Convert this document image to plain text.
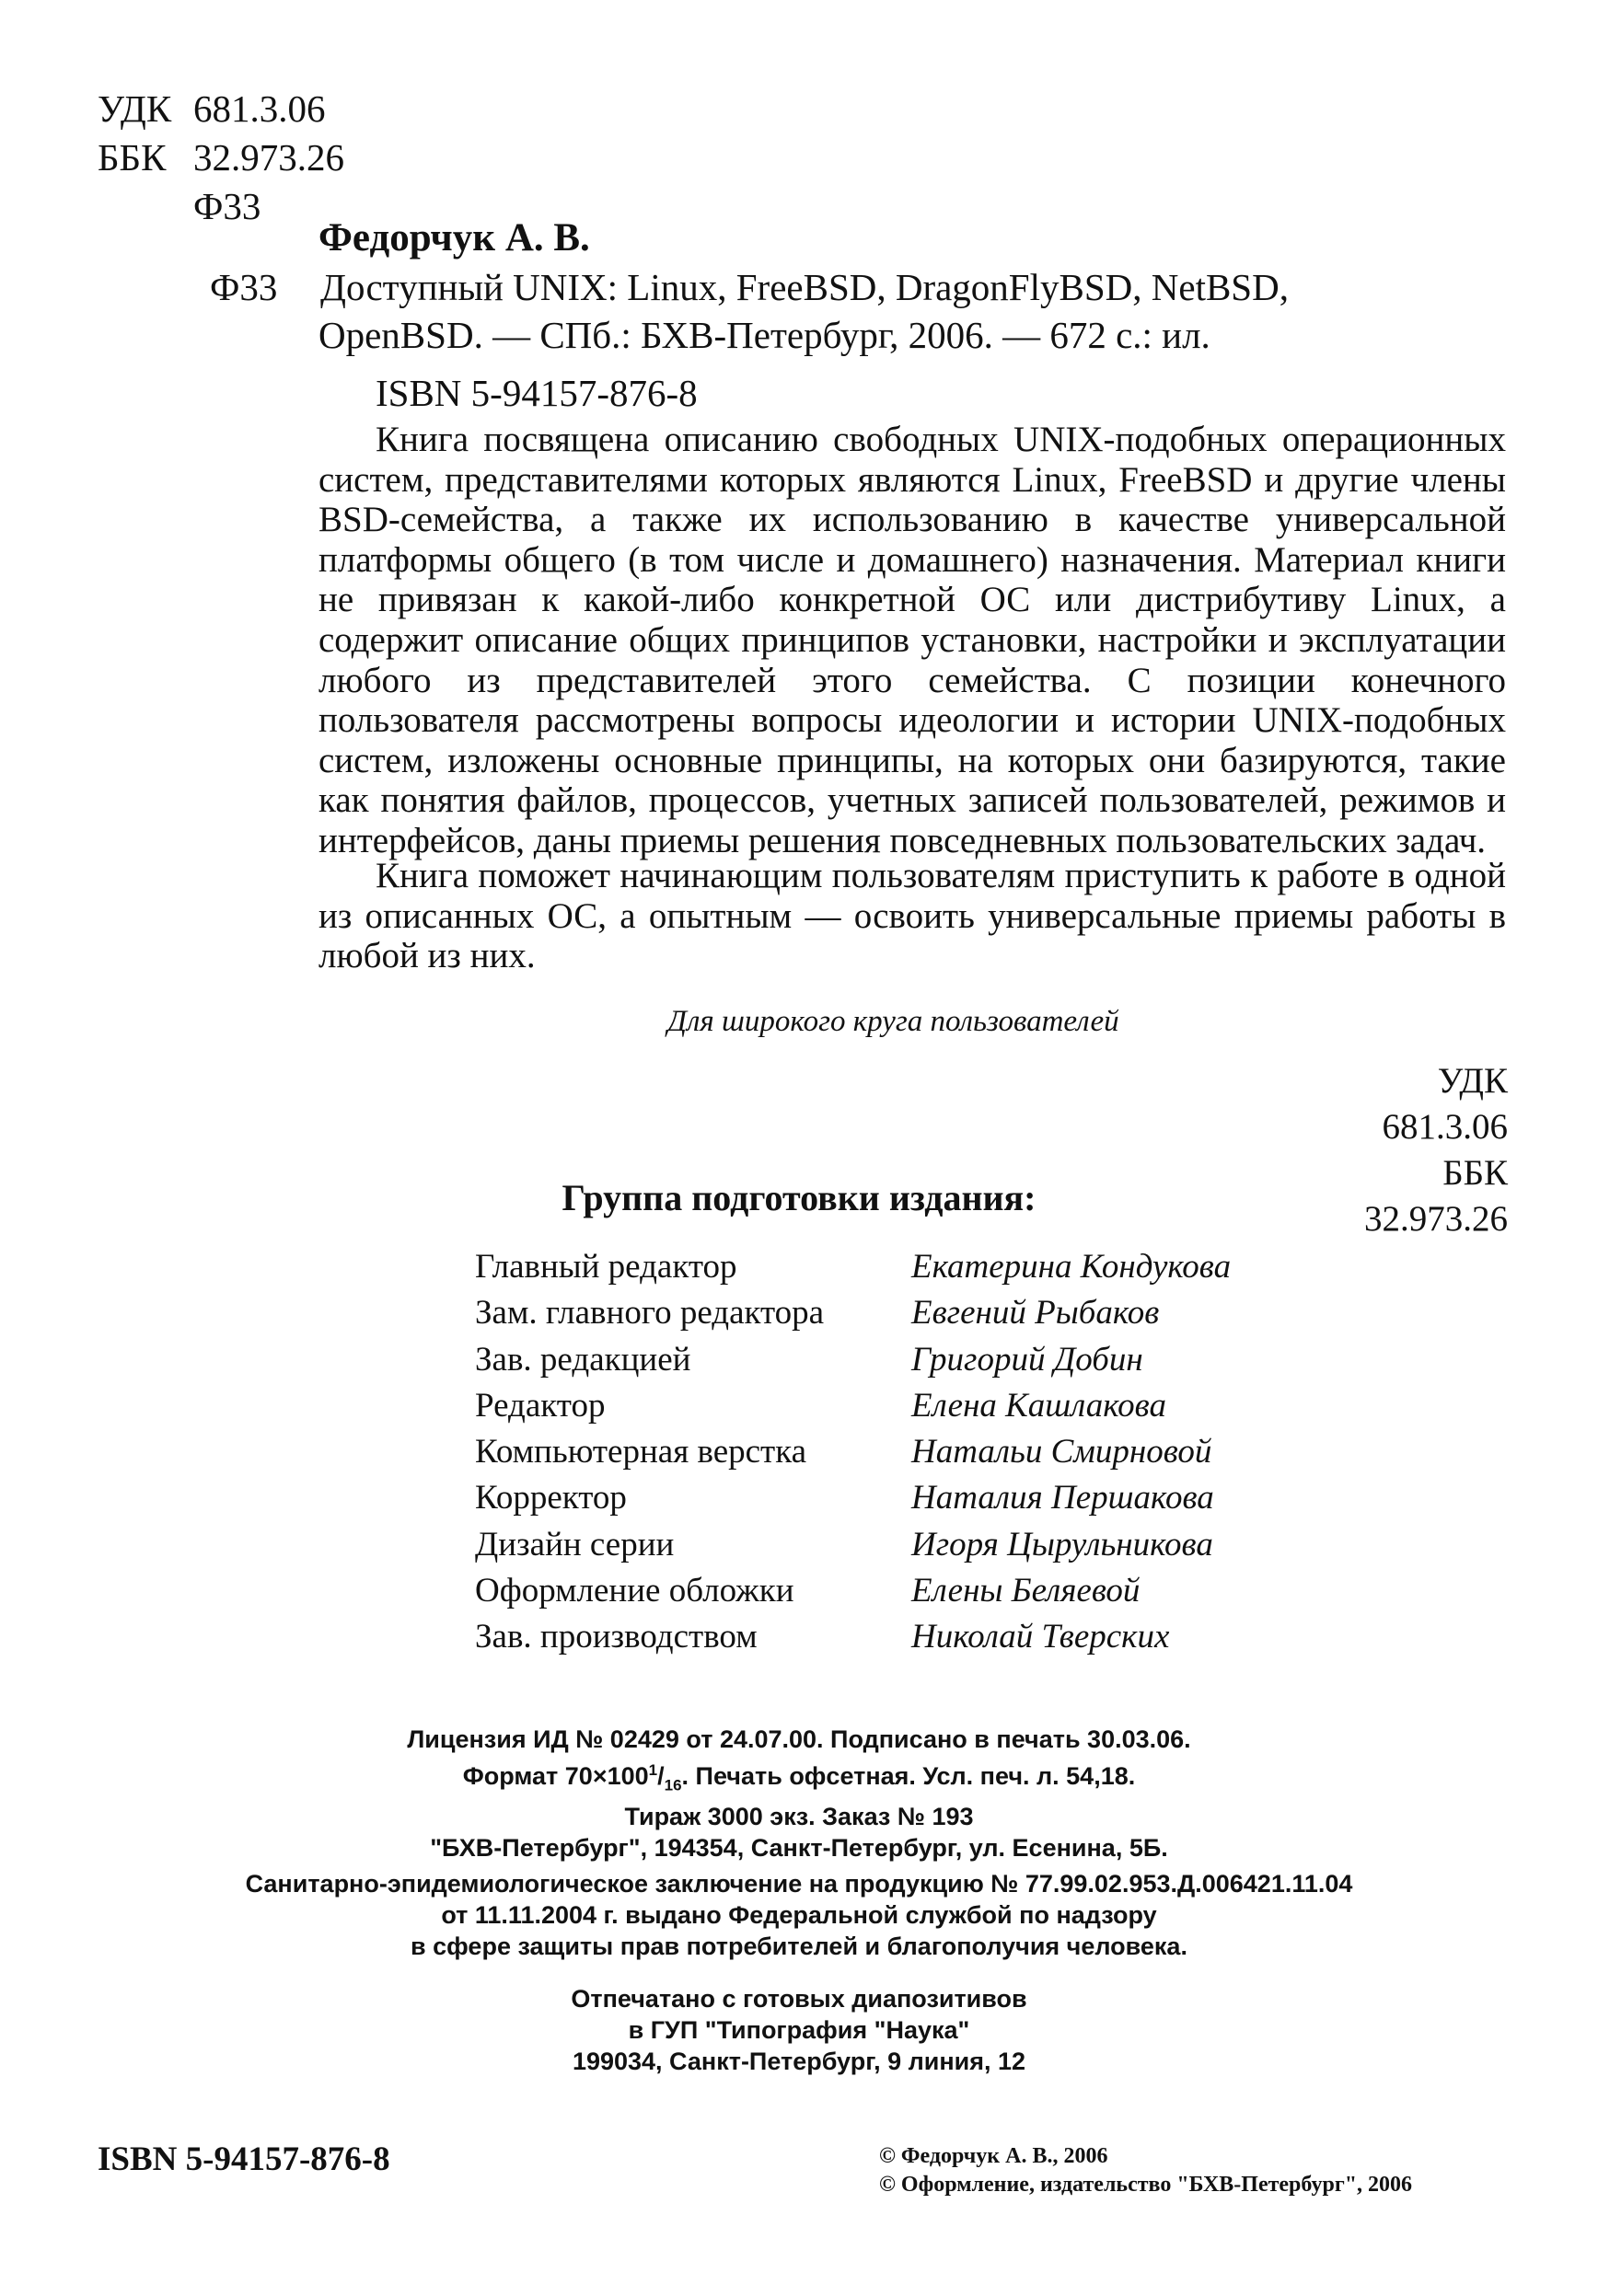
УДК 681.3.06
ББК 32.973.26
Ф33
Федорчук А. В.
Ф33 Доступный UNIX: Linux, FreeBSD, DragonFlyBSD, NetBSD,
OpenBSD. — СПб.: БХВ-Петербург, 2006. — 672 с.: ил.
ISBN 5-94157-876-8

Книга посвящена описанию свободных UNIX-подобных операционных систем, представителями которых являются Linux, FreeBSD и другие члены BSD-семейства, а также их использованию в качестве универсальной платформы общего (в том числе и домашнего) назначения. Материал книги не привязан к какой-либо конкретной ОС или дистрибутиву Linux, а содержит описание общих принципов установки, настройки и эксплуатации любого из представителей этого семейства. С позиции конечного пользователя рассмотрены вопросы идеологии и истории UNIX-подобных систем, изложены основные принципы, на которых они базируются, такие как понятия файлов, процессов, учетных записей пользователей, режимов и интерфейсов, даны приемы решения повседневных пользовательских задач.

Книга поможет начинающим пользователям приступить к работе в одной из описанных ОС, а опытным — освоить универсальные приемы работы в любой из них.

Для широкого круга пользователей
УДК 681.3.06
ББК 32.973.26
Группа подготовки издания:
Главный редактор	Екатерина Кондукова
Зам. главного редактора	Евгений Рыбаков
Зав. редакцией	Григорий Добин
Редактор	Елена Кашлакова
Компьютерная верстка	Натальи Смирновой
Корректор	Наталия Першакова
Дизайн серии	Игоря Цырульникова
Оформление обложки	Елены Беляевой
Зав. производством	Николай Тверских
Лицензия ИД № 02429 от 24.07.00. Подписано в печать 30.03.06.
Формат $70\times 100^1/_{16}$. Печать офсетная. Усл. печ. л. 54,18.
Тираж 3000 экз. Заказ № 193
"БХВ-Петербург", 194354, Санкт-Петербург, ул. Есенина, 5Б.
Санитарно-эпидемиологическое заключение на продукцию № 77.99.02.953.Д.006421.11.04
от 11.11.2004 г. выдано Федеральной службой по надзору
в сфере защиты прав потребителей и благополучия человека.
Отпечатано с готовых диапозитивов
в ГУП "Типография "Наука"
199034, Санкт-Петербург, 9 линия, 12
ISBN 5-94157-876-8	© Федорчук А. В., 2006
© Оформление, издательство "БХВ-Петербург", 2006
